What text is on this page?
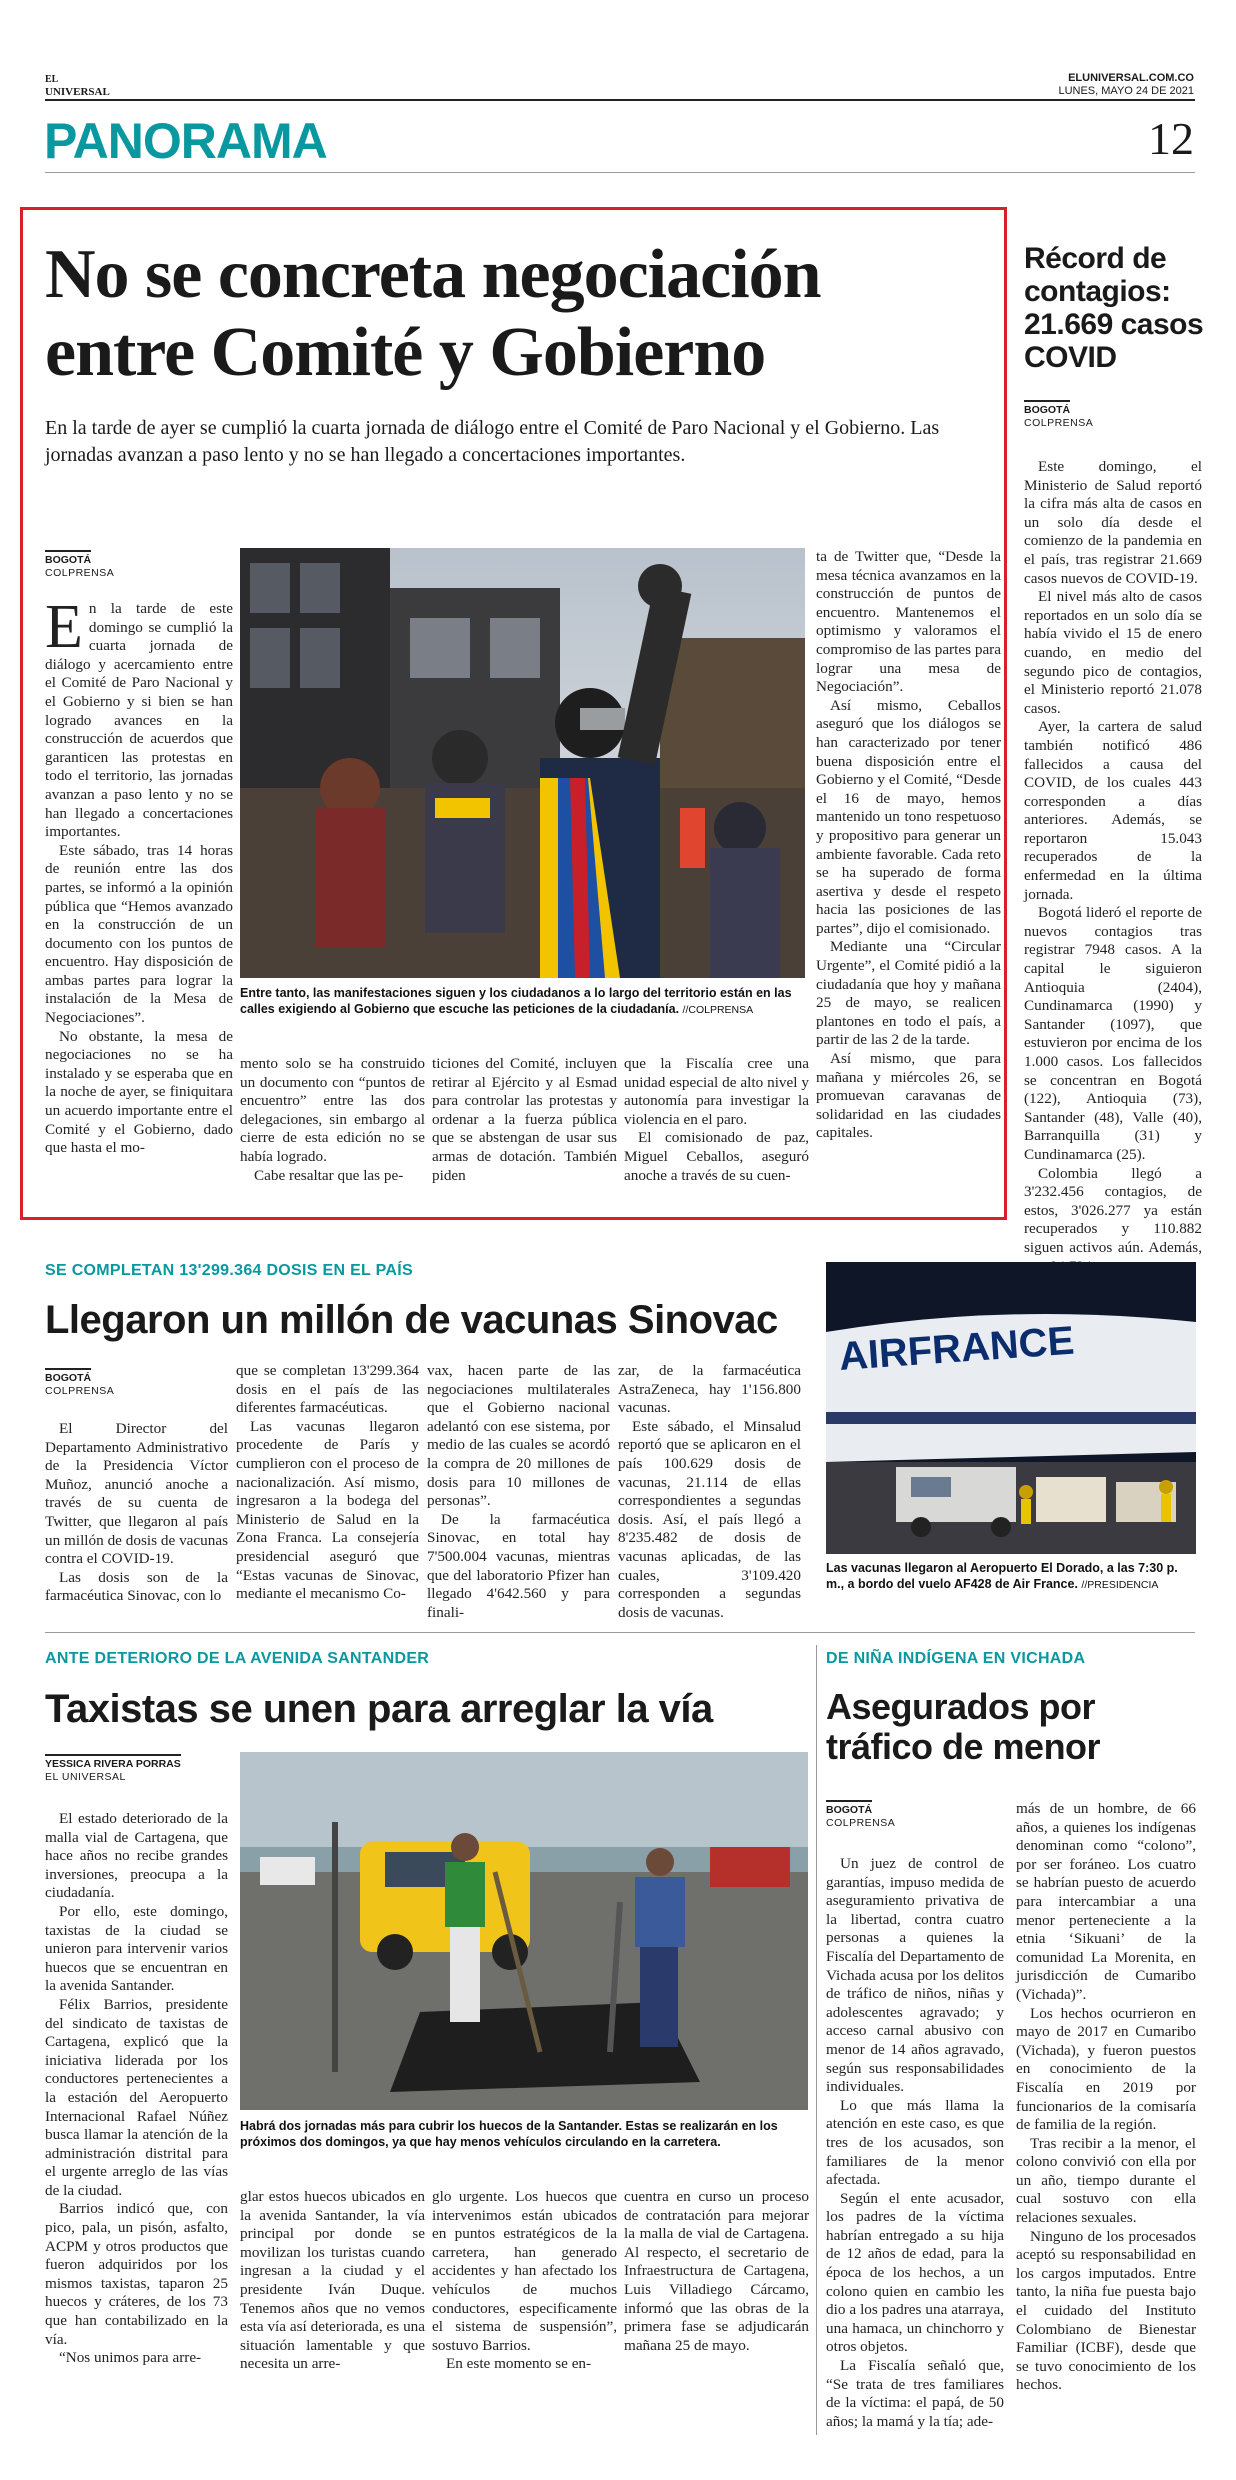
EL
UNIVERSAL
ELUNIVERSAL.COM.CO
LUNES, MAYO 24 DE 2021
PANORAMA	12
No se concreta negociación
entre Comité y Gobierno
En la tarde de ayer se cumplió la cuarta jornada de diálogo entre el Comité de Paro Nacional y el Gobierno. Las jornadas avanzan a paso lento y no se han llegado a concertaciones importantes.
BOGOTÁ
COLPRENSA

En la tarde de este domingo se cumplió la cuarta jornada de diálogo y acercamiento entre el Comité de Paro Nacional y el Gobierno y si bien se han logrado avances en la construcción de acuerdos que garanticen las protestas en todo el territorio, las jornadas avanzan a paso lento y no se han llegado a concertaciones importantes.

Este sábado, tras 14 horas de reunión entre las dos partes, se informó a la opinión pública que “Hemos avanzado en la construcción de un documento con los puntos de encuentro. Hay disposición de ambas partes para lograr la instalación de la Mesa de Negociaciones”.

No obstante, la mesa de negociaciones no se ha instalado y se esperaba que en la noche de ayer, se finiquitara un acuerdo importante entre el Comité y el Gobierno, dado que hasta el mo-

Entre tanto, las manifestaciones siguen y los ciudadanos a lo largo del territorio están en las calles exigiendo al Gobierno que escuche las peticiones de la ciudadanía. //COLPRENSA

mento solo se ha construido un documento con “puntos de encuentro” entre las dos delegaciones, sin embargo al cierre de esta edición no se había logrado.

Cabe resaltar que las pe-

ticiones del Comité, incluyen retirar al Ejército y al Esmad para controlar las protestas y ordenar a la fuerza pública que se abstengan de usar sus armas de dotación. También piden

que la Fiscalía cree una unidad especial de alto nivel y autonomía para investigar la violencia en el paro.

El comisionado de paz, Miguel Ceballos, aseguró anoche a través de su cuen-

ta de Twitter que, “Desde la mesa técnica avanzamos en la construcción de puntos de encuentro. Mantenemos el optimismo y valoramos el compromiso de las partes para lograr una mesa de Negociación”.

Así mismo, Ceballos aseguró que los diálogos se han caracterizado por tener buena disposición entre el Gobierno y el Comité, “Desde el 16 de mayo, hemos mantenido un tono respetuoso y propositivo para generar un ambiente favorable. Cada reto se ha superado de forma asertiva y desde el respeto hacia las posiciones de las partes”, dijo el comisionado.

Mediante una “Circular Urgente”, el Comité pidió a la ciudadanía que hoy y mañana 25 de mayo, se realicen plantones en todo el país, a partir de las 2 de la tarde.

Así mismo, que para mañana y miércoles 26, se promuevan caravanas de solidaridad en las ciudades capitales.

Récord de contagios: 21.669 casos COVID
BOGOTÁ
COLPRENSA

Este domingo, el Ministerio de Salud reportó la cifra más alta de casos en un solo día desde el comienzo de la pandemia en el país, tras registrar 21.669 casos nuevos de COVID-19.

El nivel más alto de casos reportados en un solo día se había vivido el 15 de enero cuando, en medio del segundo pico de contagios, el Ministerio reportó 21.078 casos.

Ayer, la cartera de salud también notificó 486 fallecidos a causa del COVID, de los cuales 443 corresponden a días anteriores. Además, se reportaron 15.043 recuperados de la enfermedad en la última jornada.

Bogotá lideró el reporte de nuevos contagios tras registrar 7948 casos. A la capital le siguieron Antioquia (2404), Cundinamarca (1990) y Santander (1097), que estuvieron por encima de los 1.000 casos. Los fallecidos se concentran en Bogotá (122), Antioquia (73), Santander (48), Valle (40), Barranquilla (31) y Cundinamarca (25).

Colombia llegó a 3'232.456 contagios, de estos, 3'026.277 ya están recuperados y 110.882 siguen activos aún. Además,

SE COMPLETAN 13'299.364 DOSIS EN EL PAÍS
Llegaron un millón de vacunas Sinovac
BOGOTÁ
COLPRENSA

El Director del Departamento Administrativo de la Presidencia Víctor Muñoz, anunció anoche a través de su cuenta de Twitter, que llegaron al país un millón de dosis de vacunas contra el COVID-19.

Las dosis son de la farmacéutica Sinovac, con lo

que se completan 13'299.364 dosis en el país de las diferentes farmacéuticas.

Las vacunas llegaron procedente de París y cumplieron con el proceso de nacionalización. Así mismo, ingresaron a la bodega del Ministerio de Salud en la Zona Franca. La consejería presidencial aseguró que “Estas vacunas de Sinovac, mediante el mecanismo Co-

vax, hacen parte de las negociaciones multilaterales que el Gobierno nacional adelantó con ese sistema, por medio de las cuales se acordó la compra de 20 millones de dosis para 10 millones de personas”.

De la farmacéutica Sinovac, en total hay 7'500.004 vacunas, mientras que del laboratorio Pfizer han llegado 4'642.560 y para finali-

zar, de la farmacéutica AstraZeneca, hay 1'156.800 vacunas.

Este sábado, el Minsalud reportó que se aplicaron en el país 100.629 dosis de vacunas, 21.114 de ellas correspondientes a segundas dosis. Así, el país llegó a 8'235.482 de dosis de vacunas aplicadas, de las cuales, 3'109.420 corresponden a segundas dosis de vacunas.

AIRFRANCE
Las vacunas llegaron al Aeropuerto El Dorado, a las 7:30 p. m., a bordo del vuelo AF428 de Air France. //PRESIDENCIA
ANTE DETERIORO DE LA AVENIDA SANTANDER
Taxistas se unen para arreglar la vía
YESSICA RIVERA PORRAS
EL UNIVERSAL

El estado deteriorado de la malla vial de Cartagena, que hace años no recibe grandes inversiones, preocupa a la ciudadanía.

Por ello, este domingo, taxistas de la ciudad se unieron para intervenir varios huecos que se encuentran en la avenida Santander.

Félix Barrios, presidente del sindicato de taxistas de Cartagena, explicó que la iniciativa liderada por los conductores pertenecientes a la estación del Aeropuerto Internacional Rafael Núñez busca llamar la atención de la administración distrital para el urgente arreglo de las vías de la ciudad.

Barrios indicó que, con pico, pala, un pisón, asfalto, ACPM y otros productos que fueron adquiridos por los mismos taxistas, taparon 25 huecos y cráteres, de los 73 que han contabilizado en la vía.

“Nos unimos para arre-

Habrá dos jornadas más para cubrir los huecos de la Santander. Estas se realizarán en los próximos dos domingos, ya que hay menos vehículos circulando en la carretera.

glar estos huecos ubicados en la avenida Santander, la vía principal por donde se movilizan los turistas cuando ingresan a la ciudad y el presidente Iván Duque. Tenemos años que no vemos esta vía así deteriorada, es una situación lamentable y que necesita un arre-

glo urgente. Los huecos que intervenimos están ubicados en puntos estratégicos de la carretera, han generado accidentes y han afectado los vehículos de muchos conductores, especificamente el sistema de suspensión”, sostuvo Barrios.

En este momento se en-

cuentra en curso un proceso de contratación para mejorar la malla de vial de Cartagena. Al respecto, el secretario de Infraestructura de Cartagena, Luis Villadiego Cárcamo, informó que las obras de la primera fase se adjudicarán mañana 25 de mayo.

DE NIÑA INDÍGENA EN VICHADA
Asegurados por
tráfico de menor
BOGOTÁ
COLPRENSA

Un juez de control de garantías, impuso medida de aseguramiento privativa de la libertad, contra cuatro personas a quienes la Fiscalía del Departamento de Vichada acusa por los delitos de tráfico de niños, niñas y adolescentes agravado; y acceso carnal abusivo con menor de 14 años agravado, según sus responsabilidades individuales.

Lo que más llama la atención en este caso, es que tres de los acusados, son familiares de la menor afectada.

Según el ente acusador, los padres de la víctima habrían entregado a su hija de 12 años de edad, para la época de los hechos, a un colono quien en cambio les dio a los padres una atarraya, una hamaca, un chinchorro y otros objetos.

La Fiscalía señaló que, “Se trata de tres familiares de la víctima: el papá, de 50 años; la mamá y la tía; ade-

más de un hombre, de 66 años, a quienes los indígenas denominan como “colono”, por ser foráneo. Los cuatro se habrían puesto de acuerdo para intercambiar a una menor perteneciente a la etnia ‘Sikuani’ de la comunidad La Morenita, en jurisdicción de Cumaribo (Vichada)”.

Los hechos ocurrieron en mayo de 2017 en Cumaribo (Vichada), y fueron puestos en conocimiento de la Fiscalía en 2019 por funcionarios de la comisaría de familia de la región.

Tras recibir a la menor, el colono convivió con ella por un año, tiempo durante el cual sostuvo con ella relaciones sexuales.

Ninguno de los procesados aceptó su responsabilidad en los cargos imputados. Entre tanto, la niña fue puesta bajo el cuidado del Instituto Colombiano de Bienestar Familiar (ICBF), desde que se tuvo conocimiento de los hechos.
